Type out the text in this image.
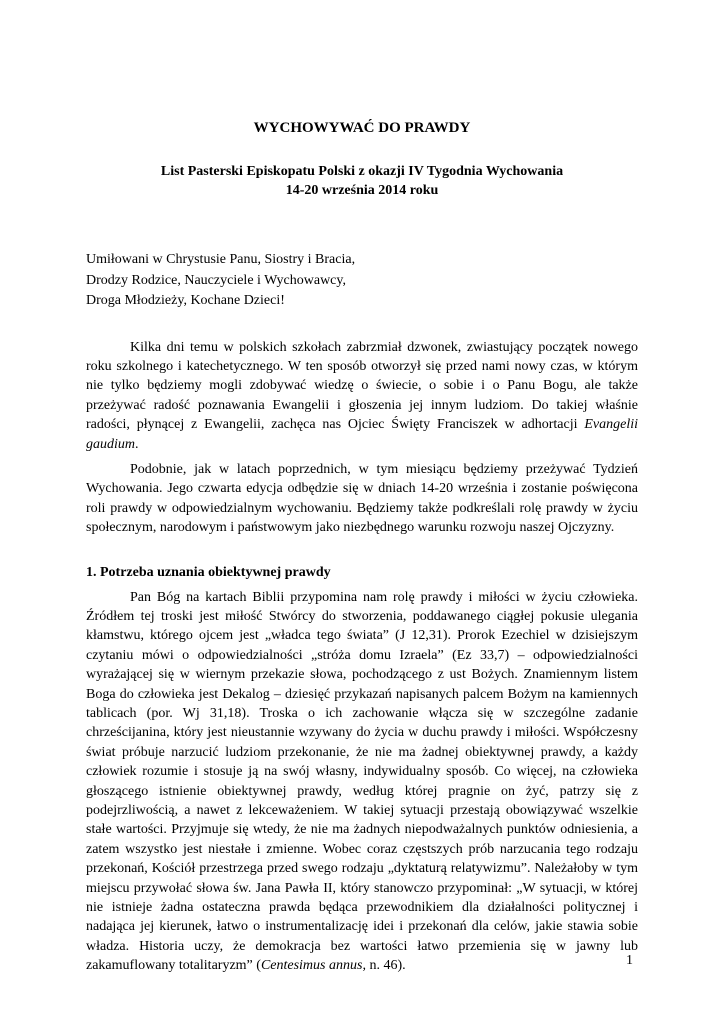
WYCHOWYWAĆ DO PRAWDY
List Pasterski Episkopatu Polski z okazji IV Tygodnia Wychowania
14-20 września 2014 roku
Umiłowani w Chrystusie Panu, Siostry i Bracia,
Drodzy Rodzice, Nauczyciele i Wychowawcy,
Droga Młodzieży, Kochane Dzieci!

Kilka dni temu w polskich szkołach zabrzmiał dzwonek, zwiastujący początek nowego roku szkolnego i katechetycznego. W ten sposób otworzył się przed nami nowy czas, w którym nie tylko będziemy mogli zdobywać wiedzę o świecie, o sobie i o Panu Bogu, ale także przeżywać radość poznawania Ewangelii i głoszenia jej innym ludziom. Do takiej właśnie radości, płynącej z Ewangelii, zachęca nas Ojciec Święty Franciszek w adhortacji Evangelii gaudium.

Podobnie, jak w latach poprzednich, w tym miesiącu będziemy przeżywać Tydzień Wychowania. Jego czwarta edycja odbędzie się w dniach 14-20 września i zostanie poświęcona roli prawdy w odpowiedzialnym wychowaniu. Będziemy także podkreślali rolę prawdy w życiu społecznym, narodowym i państwowym jako niezbędnego warunku rozwoju naszej Ojczyzny.

1. Potrzeba uznania obiektywnej prawdy

Pan Bóg na kartach Biblii przypomina nam rolę prawdy i miłości w życiu człowieka. Źródłem tej troski jest miłość Stwórcy do stworzenia, poddawanego ciągłej pokusie ulegania kłamstwu, którego ojcem jest „władca tego świata” (J 12,31). Prorok Ezechiel w dzisiejszym czytaniu mówi o odpowiedzialności „stróża domu Izraela” (Ez 33,7) – odpowiedzialności wyrażającej się w wiernym przekazie słowa, pochodzącego z ust Bożych. Znamiennym listem Boga do człowieka jest Dekalog – dziesięć przykazań napisanych palcem Bożym na kamiennych tablicach (por. Wj 31,18). Troska o ich zachowanie włącza się w szczególne zadanie chrześcijanina, który jest nieustannie wzywany do życia w duchu prawdy i miłości. Współczesny świat próbuje narzucić ludziom przekonanie, że nie ma żadnej obiektywnej prawdy, a każdy człowiek rozumie i stosuje ją na swój własny, indywidualny sposób. Co więcej, na człowieka głoszącego istnienie obiektywnej prawdy, według której pragnie on żyć, patrzy się z podejrzliwością, a nawet z lekceważeniem. W takiej sytuacji przestają obowiązywać wszelkie stałe wartości. Przyjmuje się wtedy, że nie ma żadnych niepodważalnych punktów odniesienia, a zatem wszystko jest niestałe i zmienne. Wobec coraz częstszych prób narzucania tego rodzaju przekonań, Kościół przestrzega przed swego rodzaju „dyktaturą relatywizmu”. Należałoby w tym miejscu przywołać słowa św. Jana Pawła II, który stanowczo przypominał: „W sytuacji, w której nie istnieje żadna ostateczna prawda będąca przewodnikiem dla działalności politycznej i nadająca jej kierunek, łatwo o instrumentalizację idei i przekonań dla celów, jakie stawia sobie władza. Historia uczy, że demokracja bez wartości łatwo przemienia się w jawny lub zakamuflowany totalitaryzm” (Centesimus annus, n. 46).	1
